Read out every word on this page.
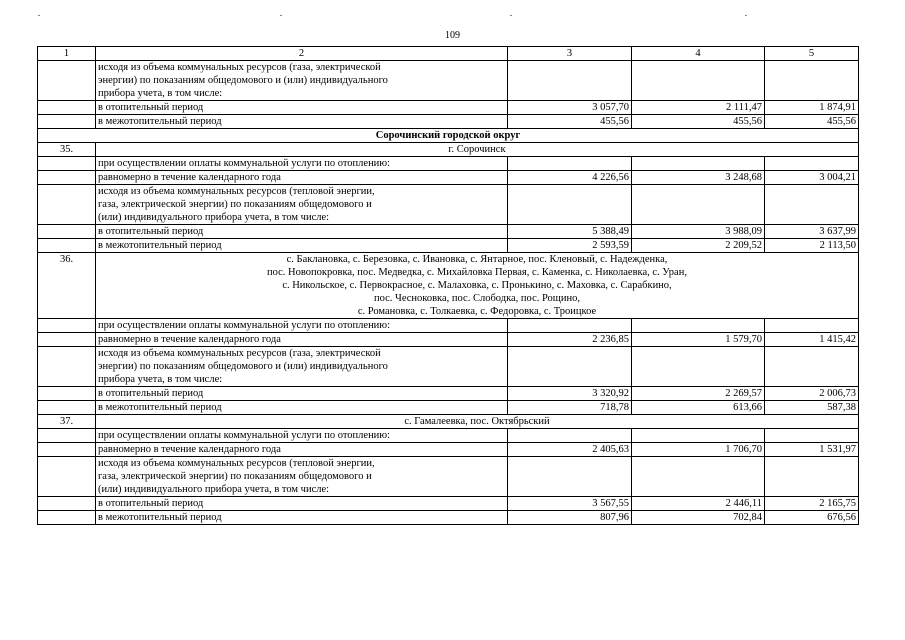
109
1	2	3	4	5

	исходя из объема коммунальных ресурсов (газа, электрической
энергии) по показаниям общедомового и (или) индивидуального
прибора учета, в том числе:			

	в отопительный период	3 057,70	2 111,47	1 874,91
	в межотопительный период	455,56	455,56	455,56
Сорочинский городской округ				
35.	г. Сорочинск			

	при осуществлении оплаты коммунальной услуги по отоплению:			
	равномерно в течение календарного года	4 226,56	3 248,68	3 004,21

	исходя из объема коммунальных ресурсов (тепловой энергии,
газа, электрической энергии) по показаниям общедомового и
(или) индивидуального прибора учета, в том числе:			

	в отопительный период	5 388,49	3 988,09	3 637,99
	в межотопительный период	2 593,59	2 209,52	2 113,50
36.	с. Баклановка, с. Березовка, с. Ивановка, с. Янтарное, пос. Кленовый, с. Надежденка,
пос. Новопокровка, пос. Медведка, с. Михайловка Первая, с. Каменка, с. Николаевка, с. Уран,
с. Никольское, с. Первокрасное, с. Малаховка, с. Пронькино, с. Маховка, с. Сарабкино,
пос. Чесноковка, пос. Слободка, пос. Рощино,
с. Романовка, с. Толкаевка, с. Федоровка, с. Троицкое			

	при осуществлении оплаты коммунальной услуги по отоплению:			
	равномерно в течение календарного года	2 236,85	1 579,70	1 415,42

	исходя из объема коммунальных ресурсов (газа, электрической
энергии) по показаниям общедомового и (или) индивидуального
прибора учета, в том числе:			

	в отопительный период	3 320,92	2 269,57	2 006,73
	в межотопительный период	718,78	613,66	587,38
37.	с. Гамалеевка, пос. Октябрьский			

	при осуществлении оплаты коммунальной услуги по отоплению:			
	равномерно в течение календарного года	2 405,63	1 706,70	1 531,97

	исходя из объема коммунальных ресурсов (тепловой энергии,
газа, электрической энергии) по показаниям общедомового и
(или) индивидуального прибора учета, в том числе:			

	в отопительный период	3 567,55	2 446,11	2 165,75
	в межотопительный период	807,96	702,84	676,56
